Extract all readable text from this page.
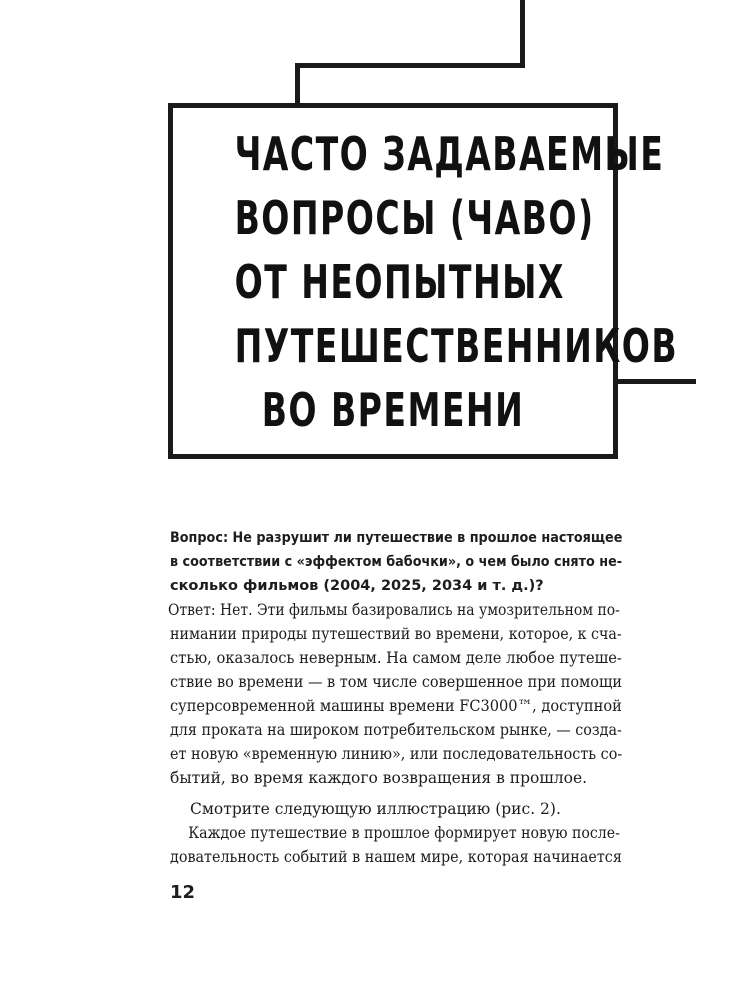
ЧАСТО ЗАДАВАЕМЫЕ
ВОПРОСЫ (ЧАВО)
ОТ НЕОПЫТНЫХ
ПУТЕШЕСТВЕННИКОВ
ВО ВРЕМЕНИ

Вопрос: Не разрушит ли путешествие в прошлое настоящее
в соответствии с «эффектом бабочки», о чем было снято не-
сколько фильмов (2004, 2025, 2034 и т. д.)?

Ответ: Нет. Эти фильмы базировались на умозрительном по-
нимании природы путешествий во времени, которое, к сча-
стью, оказалось неверным. На самом деле любое путеше-
ствие во времени — в том числе совершенное при помощи
суперсовременной машины времени FC3000™, доступной
для проката на широком потребительском рынке, — созда-
ет новую «временную линию», или последовательность со-
бытий, во время каждого возвращения в прошлое.

Смотрите следующую иллюстрацию (рис. 2).

Каждое путешествие в прошлое формирует новую после-
довательность событий в нашем мире, которая начинается

12
